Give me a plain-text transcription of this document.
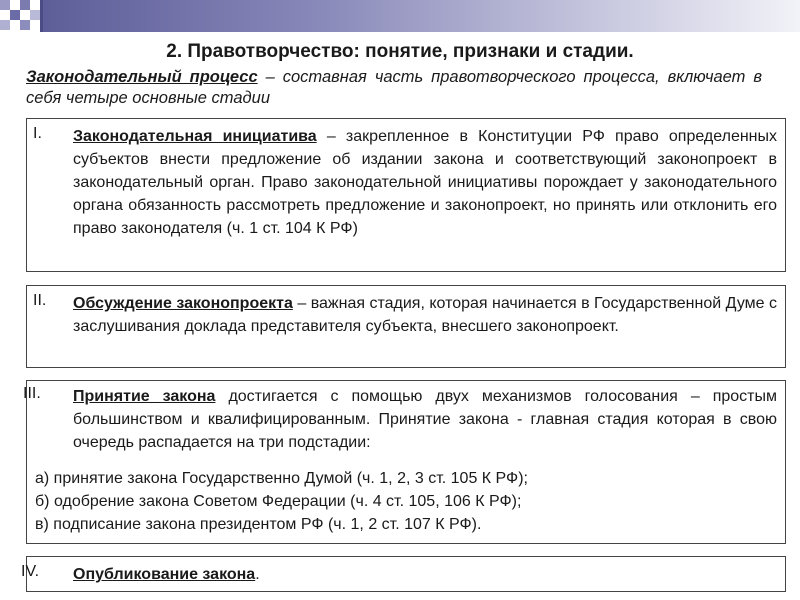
2. Правотворчество: понятие, признаки и стадии.
Законодательный процесс – составная часть правотворческого процесса, включает в себя четыре основные стадии
I. Законодательная инициатива – закрепленное в Конституции РФ право определенных субъектов внести предложение об издании закона и соответствующий законопроект в законодательный орган. Право законодательной инициативы порождает у законодательного органа обязанность рассмотреть предложение и законопроект, но принять или отклонить его право законодателя (ч. 1 ст. 104 К РФ)
II. Обсуждение законопроекта – важная стадия, которая начинается в Государственной Думе с заслушивания доклада представителя субъекта, внесшего законопроект.
III. Принятие закона достигается с помощью двух механизмов голосования – простым большинством и квалифицированным. Принятие закона - главная стадия которая в свою очередь распадается на три подстадии:
а) принятие закона Государственно Думой (ч. 1, 2, 3 ст. 105 К РФ);
б) одобрение закона Советом Федерации (ч. 4 ст. 105, 106 К РФ);
в) подписание закона президентом РФ (ч. 1, 2 ст. 107 К РФ).
IV. Опубликование закона.
